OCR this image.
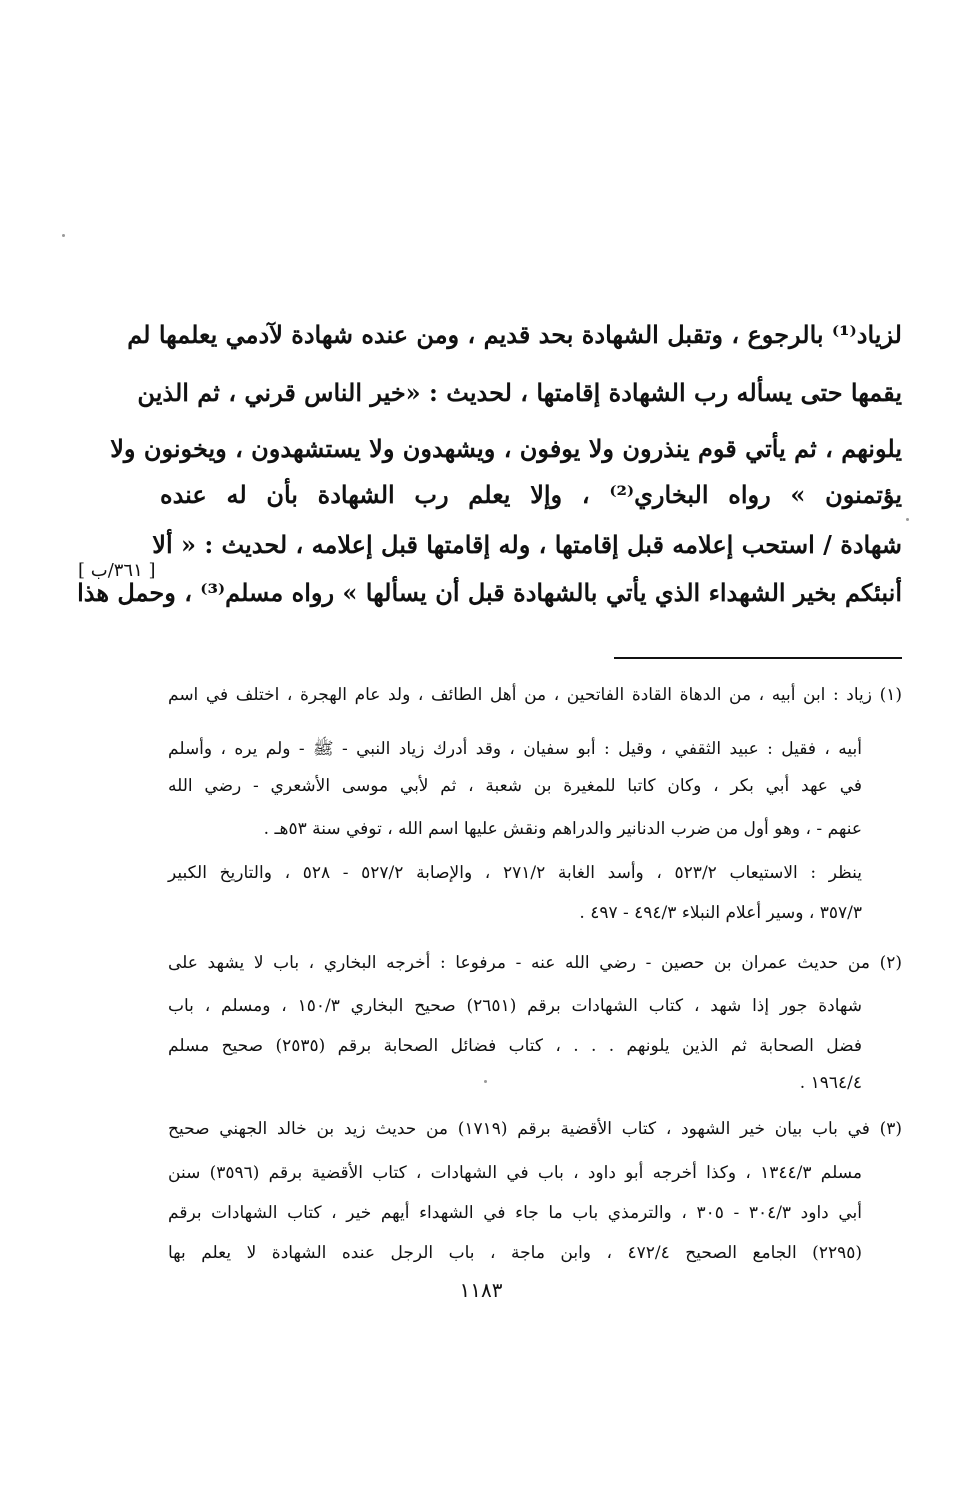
لزياد⁽¹⁾ بالرجوع ، وتقبل الشهادة بحد قديم ، ومن عنده شهادة لآدمي يعلمها لم
يقمها حتى يسأله رب الشهادة إقامتها ، لحديث : «خير الناس قرني ، ثم الذين
يلونهم ، ثم يأتي قوم ينذرون ولا يوفون ، ويشهدون ولا يستشهدون ، ويخونون ولا
يؤتمنون » رواه البخاري⁽²⁾ ، وإلا يعلم رب الشهادة بأن له عنده
شهادة / استحب إعلامه قبل إقامتها ، وله إقامتها قبل إعلامه ، لحديث : « ألا
أنبئكم بخير الشهداء الذي يأتي بالشهادة قبل أن يسألها » رواه مسلم⁽³⁾ ، وحمل هذا
[ ٣٦١/ب ]
(١) زياد : ابن أبيه ، من الدهاة القادة الفاتحين ، من أهل الطائف ، ولد عام الهجرة ، اختلف في اسم
أبيه ، فقيل : عبيد الثقفي ، وقيل : أبو سفيان ، وقد أدرك زياد النبي - ﷺ - ولم يره ، وأسلم
في عهد أبي بكر ، وكان كاتبا للمغيرة بن شعبة ، ثم لأبي موسى الأشعري - رضي الله
عنهم - ، وهو أول من ضرب الدنانير والدراهم ونقش عليها اسم الله ، توفي سنة ٥٣هـ .
ينظر : الاستيعاب ٥٢٣/٢ ، وأسد الغابة ٢٧١/٢ ، والإصابة ٥٢٧/٢ - ٥٢٨ ، والتاريخ الكبير
٣٥٧/٣ ، وسير أعلام النبلاء ٤٩٤/٣ - ٤٩٧ .
(٢) من حديث عمران بن حصين - رضي الله عنه - مرفوعا : أخرجه البخاري ، باب لا يشهد على
شهادة جور إذا شهد ، كتاب الشهادات برقم (٢٦٥١) صحيح البخاري ١٥٠/٣ ، ومسلم ، باب
فضل الصحابة ثم الذين يلونهم . . . ، كتاب فضائل الصحابة برقم (٢٥٣٥) صحيح مسلم
١٩٦٤/٤ .
(٣) في باب بيان خير الشهود ، كتاب الأقضية برقم (١٧١٩) من حديث زيد بن خالد الجهني صحيح
مسلم ١٣٤٤/٣ ، وكذا أخرجه أبو داود ، باب في الشهادات ، كتاب الأقضية برقم (٣٥٩٦) سنن
أبي داود ٣٠٤/٣ - ٣٠٥ ، والترمذي باب ما جاء في الشهداء أيهم خير ، كتاب الشهادات برقم
(٢٢٩٥) الجامع الصحيح ٤٧٢/٤ ، وابن ماجة ، باب الرجل عنده الشهادة لا يعلم بها
١١٨٣
